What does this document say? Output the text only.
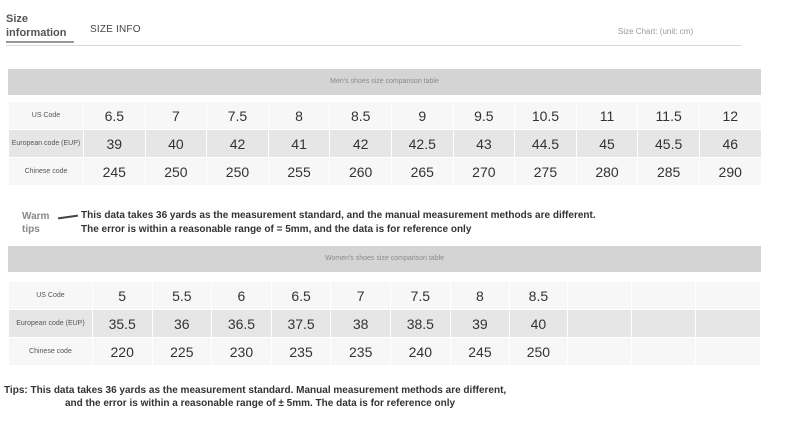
Size information	SIZE INFO	Size Chart: (unit: cm)
Men's shoes size comparison table
US Code	6.5	7	7.5	8	8.5	9	9.5	10.5	11	11.5	12
European code (EUP)	39	40	42	41	42	42.5	43	44.5	45	45.5	46
Chinese code	245	250	250	255	260	265	270	275	280	285	290
Warm tips
This data takes 36 yards as the measurement standard, and the manual measurement methods are different.
The error is within a reasonable range of = 5mm, and the data is for reference only
Women's shoes size comparison table
US Code	5	5.5	6	6.5	7	7.5	8	8.5			
European code (EUP)	35.5	36	36.5	37.5	38	38.5	39	40			
Chinese code	220	225	230	235	235	240	245	250			
Tips: This data takes 36 yards as the measurement standard. Manual measurement methods are different,
and the error is within a reasonable range of ± 5mm. The data is for reference only
